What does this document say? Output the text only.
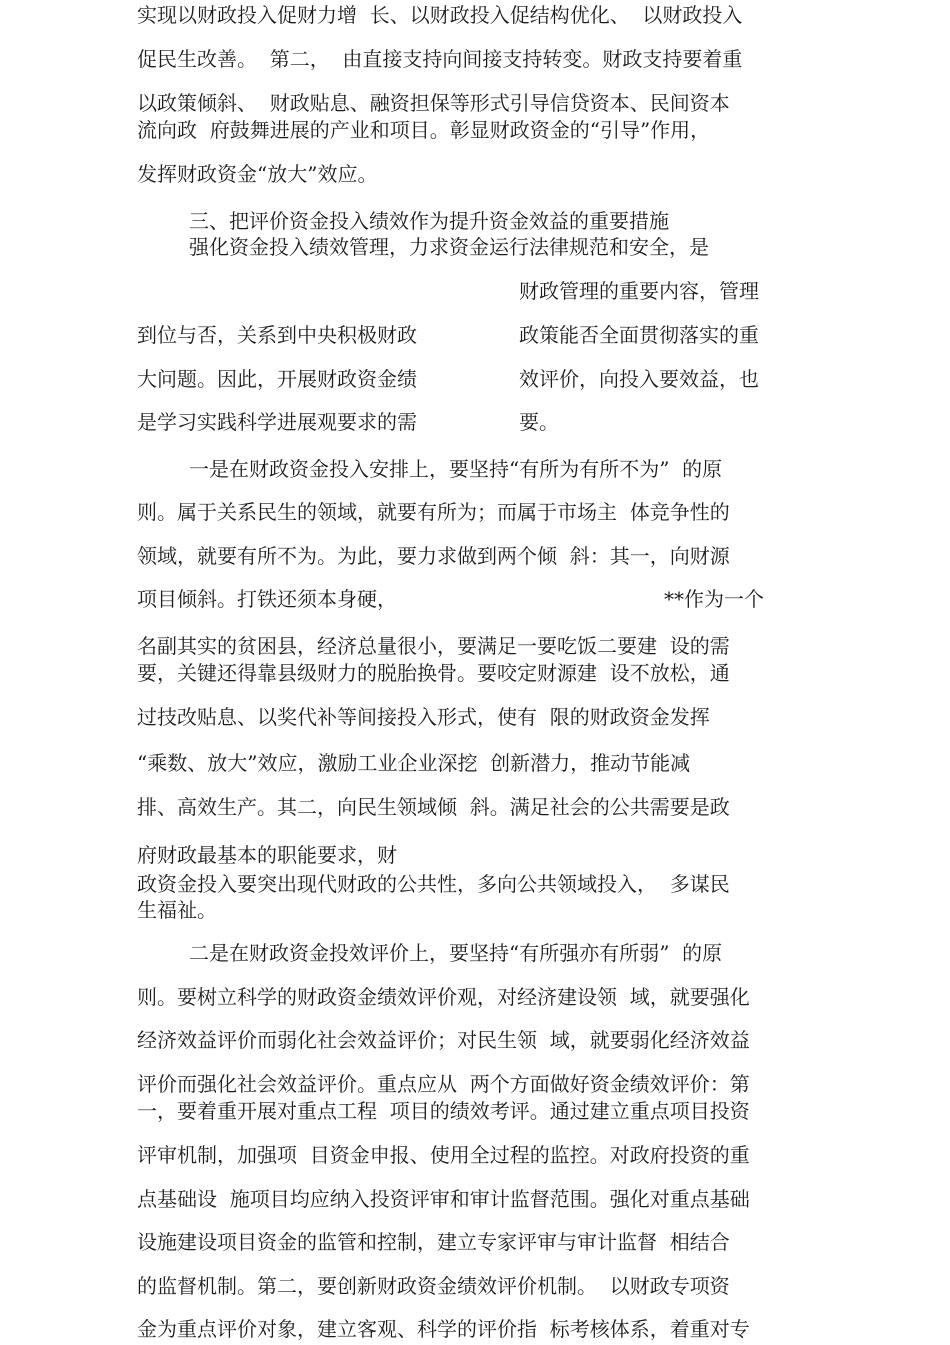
实现以财政投入促财力增  长、以财政投入促结构优化、  以财政投入
促民生改善。  第二，  由直接支持向间接支持转变。财政支持要着重
以政策倾斜、  财政贴息、融资担保等形式引导信贷资本、民间资本
流向政  府鼓舞进展的产业和项目。彰显财政资金的“引导”作用，
发挥财政资金“放大”效应。
三、把评价资金投入绩效作为提升资金效益的重要措施
强化资金投入绩效管理，力求资金运行法律规范和安全，是
财政管理的重要内容，管理
到位与否，关系到中央积极财政	政策能否全面贯彻落实的重
大问题。因此，开展财政资金绩	效评价，向投入要效益，也
是学习实践科学进展观要求的需	要。
一是在财政资金投入安排上，要坚持“有所为有所不为”  的原
则。属于关系民生的领域，就要有所为；而属于市场主  体竞争性的
领域，就要有所不为。为此，要力求做到两个倾  斜：其一，向财源
项目倾斜。打铁还须本身硬，	**作为一个
名副其实的贫困县，经济总量很小，要满足一要吃饭二要建  设的需
要，关键还得靠县级财力的脱胎换骨。要咬定财源建  设不放松，通
过技改贴息、以奖代补等间接投入形式，使有  限的财政资金发挥
“乘数、放大”效应，激励工业企业深挖  创新潜力，推动节能减
排、高效生产。其二，向民生领域倾  斜。满足社会的公共需要是政
府财政最基本的职能要求，财
政资金投入要突出现代财政的公共性，多向公共领域投入，  多谋民
生福祉。
二是在财政资金投效评价上，要坚持“有所强亦有所弱”  的原
则。要树立科学的财政资金绩效评价观，对经济建设领  域，就要强化
经济效益评价而弱化社会效益评价；对民生领  域，就要弱化经济效益
评价而强化社会效益评价。重点应从  两个方面做好资金绩效评价：第
一，要着重开展对重点工程  项目的绩效考评。通过建立重点项目投资
评审机制，加强项  目资金申报、使用全过程的监控。对政府投资的重
点基础设  施项目均应纳入投资评审和审计监督范围。强化对重点基础
设施建设项目资金的监管和控制，建立专家评审与审计监督  相结合
的监督机制。第二，要创新财政资金绩效评价机制。  以财政专项资
金为重点评价对象，建立客观、科学的评价指  标考核体系，着重对专
